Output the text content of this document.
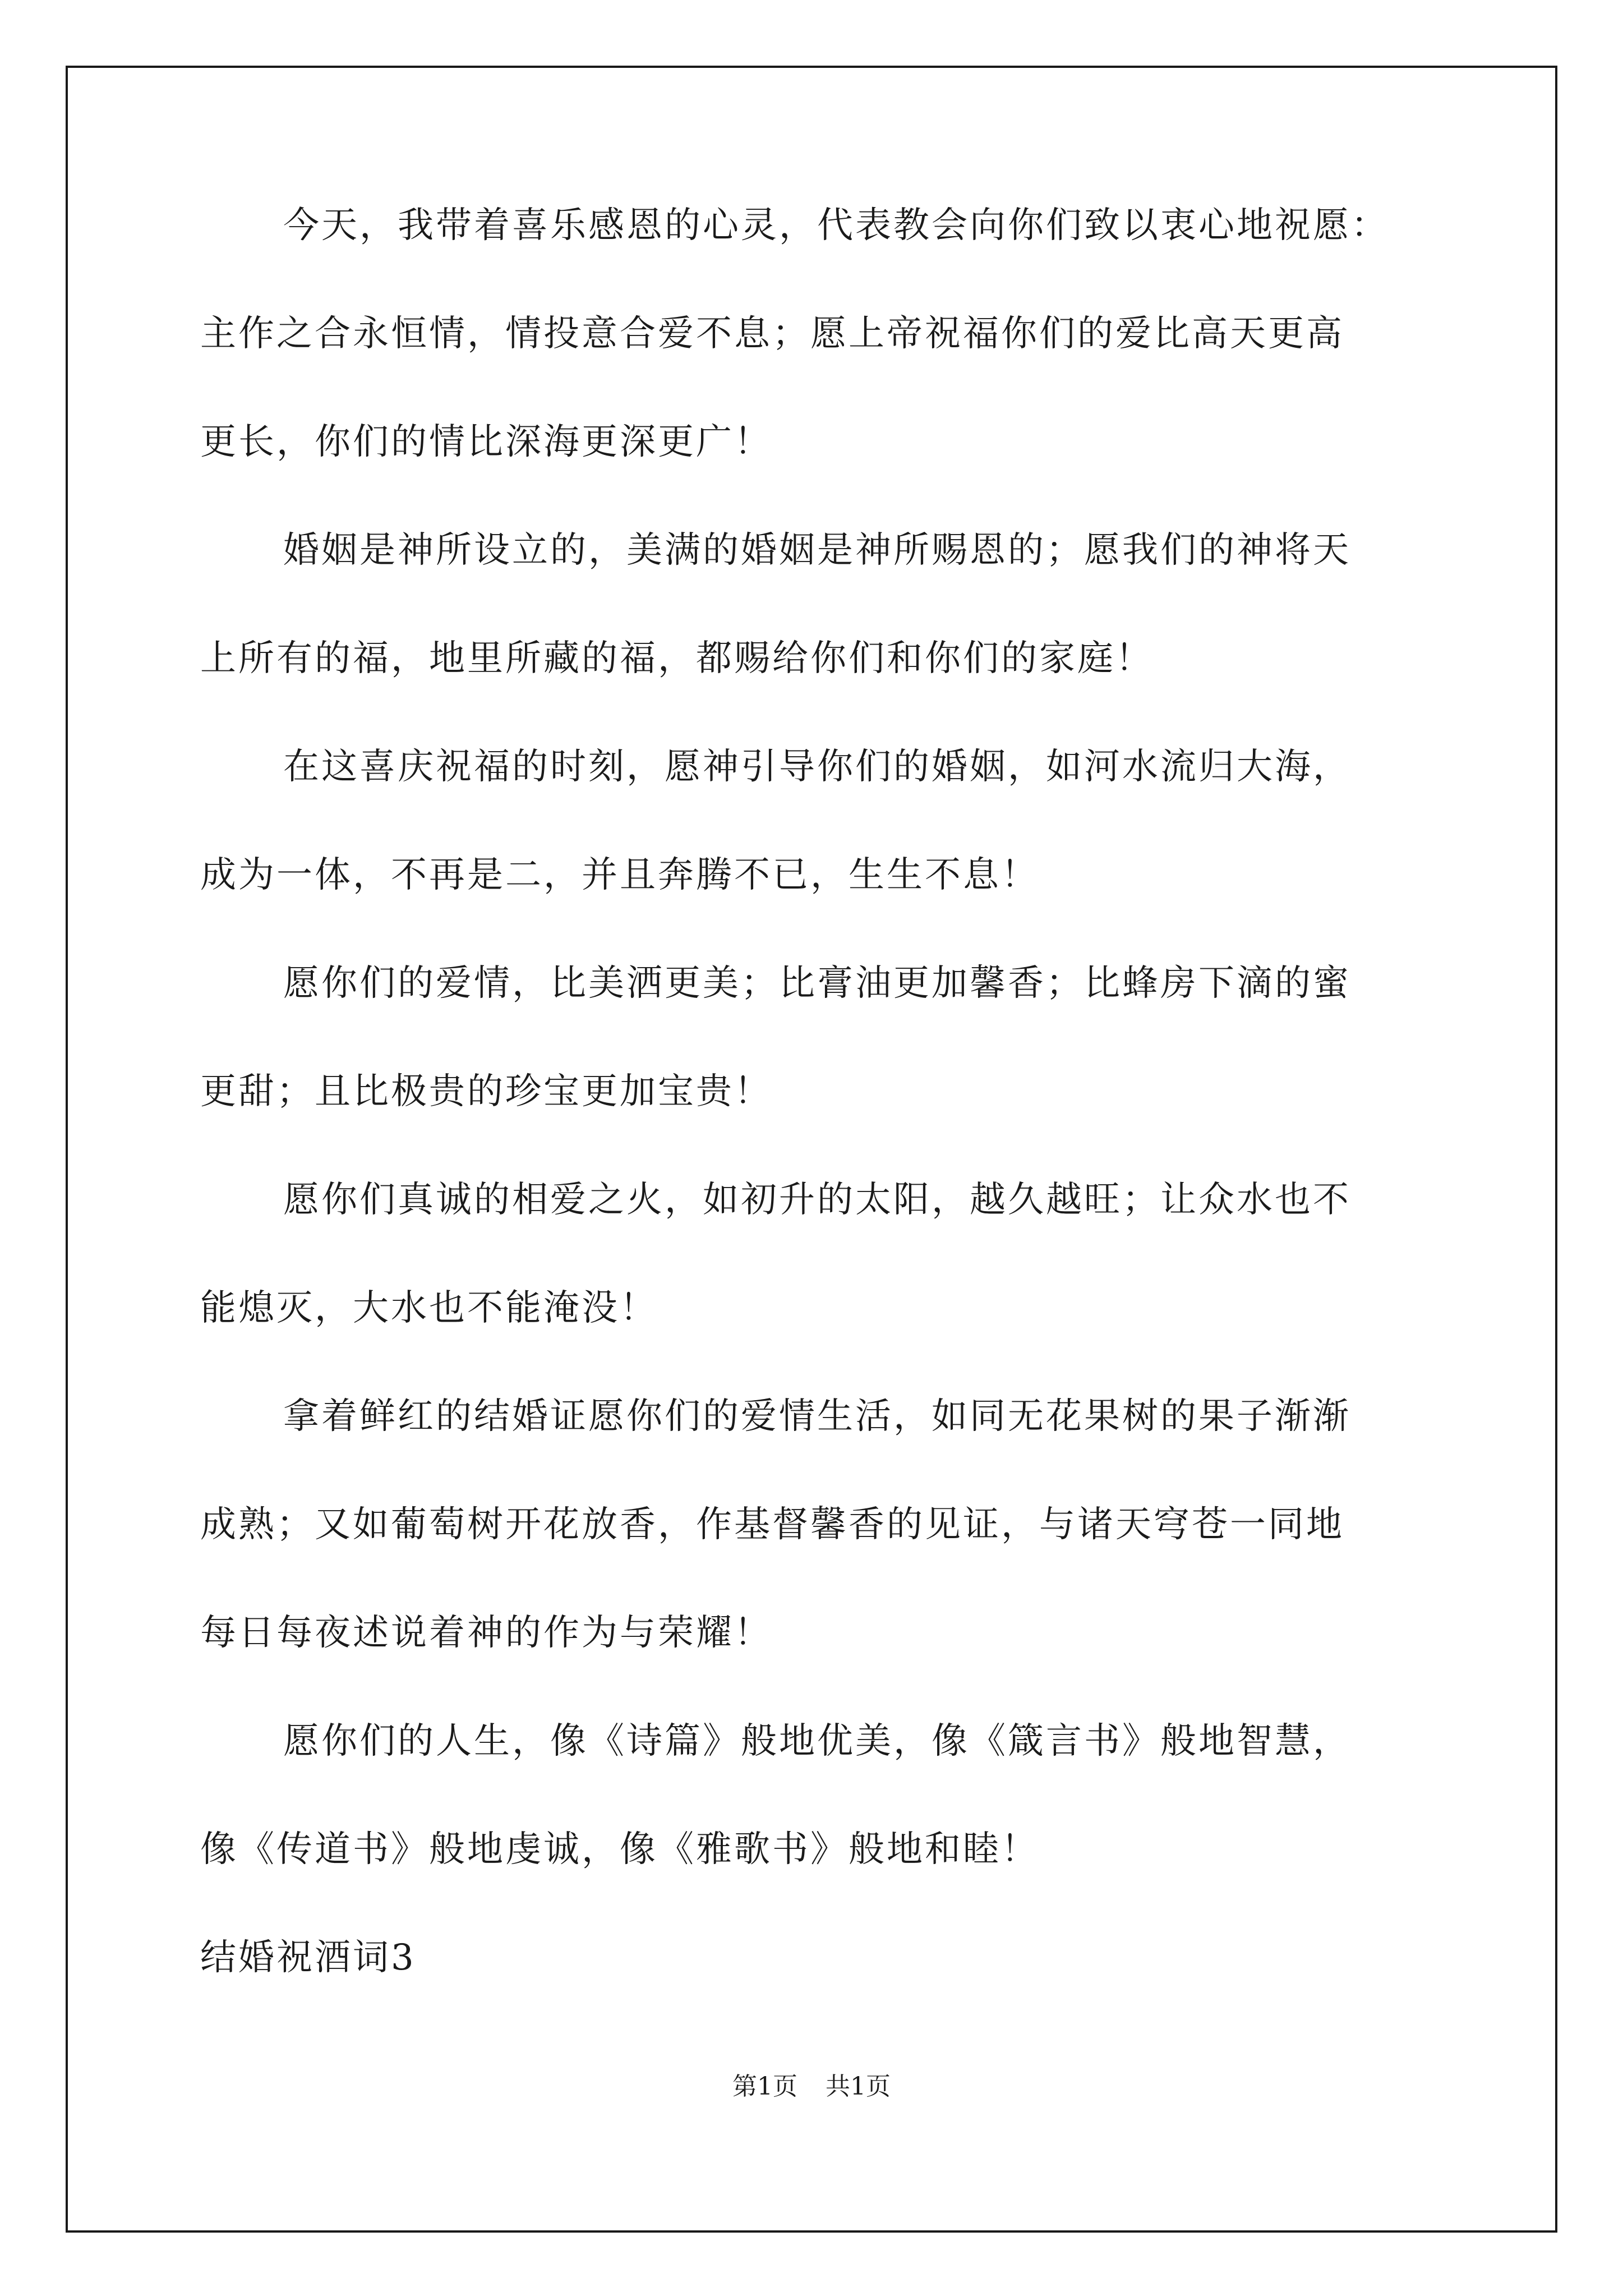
今天，我带着喜乐感恩的心灵，代表教会向你们致以衷心地祝愿：
主作之合永恒情，情投意合爱不息；愿上帝祝福你们的爱比高天更高
更长，你们的情比深海更深更广！
婚姻是神所设立的，美满的婚姻是神所赐恩的；愿我们的神将天
上所有的福，地里所藏的福，都赐给你们和你们的家庭！
在这喜庆祝福的时刻，愿神引导你们的婚姻，如河水流归大海，
成为一体，不再是二，并且奔腾不已，生生不息！
愿你们的爱情，比美洒更美；比膏油更加馨香；比蜂房下滴的蜜
更甜；且比极贵的珍宝更加宝贵！
愿你们真诚的相爱之火，如初升的太阳，越久越旺；让众水也不
能熄灭，大水也不能淹没！
拿着鲜红的结婚证愿你们的爱情生活，如同无花果树的果子渐渐
成熟；又如葡萄树开花放香，作基督馨香的见证，与诸天穹苍一同地
每日每夜述说着神的作为与荣耀！
愿你们的人生，像《诗篇》般地优美，像《箴言书》般地智慧，
像《传道书》般地虔诚，像《雅歌书》般地和睦！
结婚祝酒词3
第1页 共1页
